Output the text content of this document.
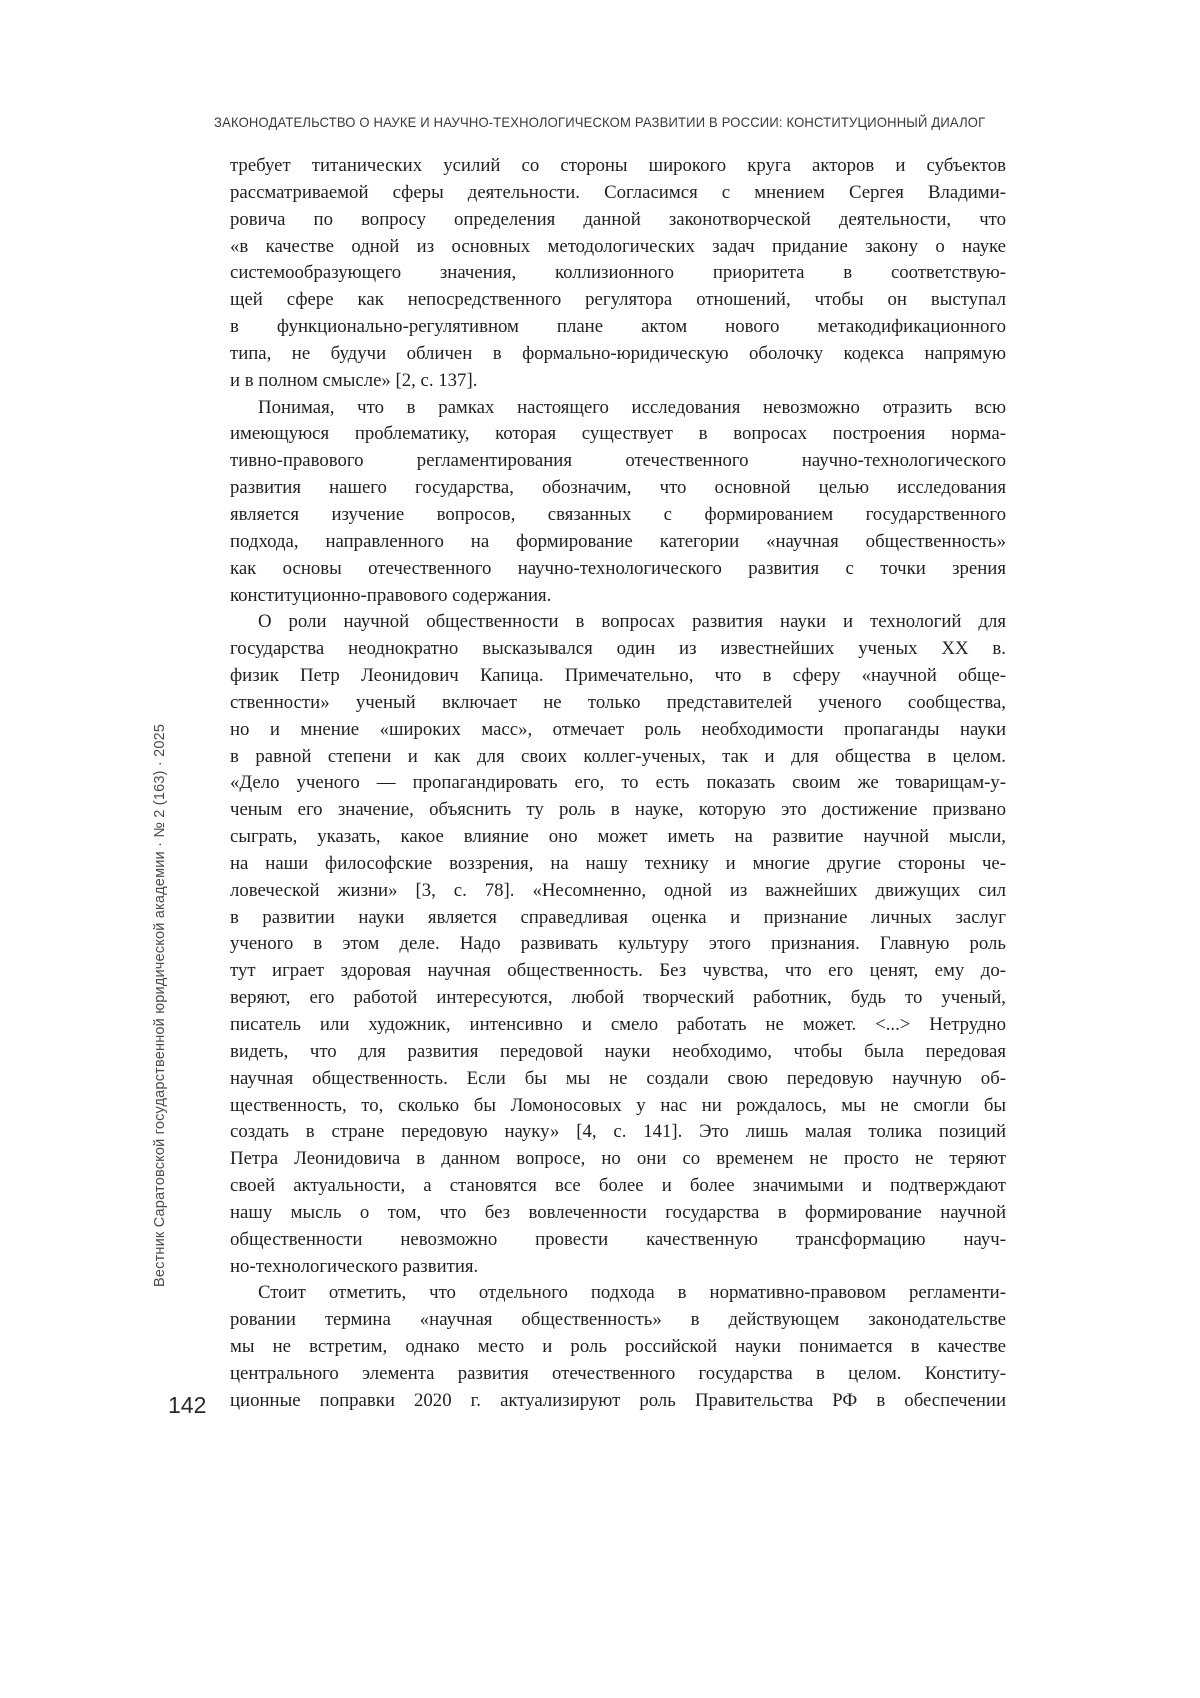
ЗАКОНОДАТЕЛЬСТВО О НАУКЕ И НАУЧНО-ТЕХНОЛОГИЧЕСКОМ РАЗВИТИИ В РОССИИ: КОНСТИТУЦИОННЫЙ ДИАЛОГ
Вестник Саратовской государственной юридической академии · № 2 (163) · 2025
142
требует титанических усилий со стороны широкого круга акторов и субъектов
рассматриваемой сферы деятельности. Согласимся с мнением Сергея Владими-
ровича по вопросу определения данной законотворческой деятельности, что
«в качестве одной из основных методологических задач придание закону о науке
системообразующего значения, коллизионного приоритета в соответствую-
щей сфере как непосредственного регулятора отношений, чтобы он выступал
в функционально-регулятивном плане актом нового метакодификационного
типа, не будучи обличен в формально-юридическую оболочку кодекса напрямую
и в полном смысле» [2, с. 137].
Понимая, что в рамках настоящего исследования невозможно отразить всю
имеющуюся проблематику, которая существует в вопросах построения норма-
тивно-правового регламентирования отечественного научно-технологического
развития нашего государства, обозначим, что основной целью исследования
является изучение вопросов, связанных с формированием государственного
подхода, направленного на формирование категории «научная общественность»
как основы отечественного научно-технологического развития с точки зрения
конституционно-правового содержания.
О роли научной общественности в вопросах развития науки и технологий для
государства неоднократно высказывался один из известнейших ученых XX в.
физик Петр Леонидович Капица. Примечательно, что в сферу «научной обще-
ственности» ученый включает не только представителей ученого сообщества,
но и мнение «широких масс», отмечает роль необходимости пропаганды науки
в равной степени и как для своих коллег-ученых, так и для общества в целом.
«Дело ученого — пропагандировать его, то есть показать своим же товарищам-у-
ченым его значение, объяснить ту роль в науке, которую это достижение призвано
сыграть, указать, какое влияние оно может иметь на развитие научной мысли,
на наши философские воззрения, на нашу технику и многие другие стороны че-
ловеческой жизни» [3, с. 78]. «Несомненно, одной из важнейших движущих сил
в развитии науки является справедливая оценка и признание личных заслуг
ученого в этом деле. Надо развивать культуру этого признания. Главную роль
тут играет здоровая научная общественность. Без чувства, что его ценят, ему до-
веряют, его работой интересуются, любой творческий работник, будь то ученый,
писатель или художник, интенсивно и смело работать не может. <...> Нетрудно
видеть, что для развития передовой науки необходимо, чтобы была передовая
научная общественность. Если бы мы не создали свою передовую научную об-
щественность, то, сколько бы Ломоносовых у нас ни рождалось, мы не смогли бы
создать в стране передовую науку» [4, с. 141]. Это лишь малая толика позиций
Петра Леонидовича в данном вопросе, но они со временем не просто не теряют
своей актуальности, а становятся все более и более значимыми и подтверждают
нашу мысль о том, что без вовлеченности государства в формирование научной
общественности невозможно провести качественную трансформацию науч-
но-технологического развития.
Стоит отметить, что отдельного подхода в нормативно-правовом регламенти-
ровании термина «научная общественность» в действующем законодательстве
мы не встретим, однако место и роль российской науки понимается в качестве
центрального элемента развития отечественного государства в целом. Конститу-
ционные поправки 2020 г. актуализируют роль Правительства РФ в обеспечении
